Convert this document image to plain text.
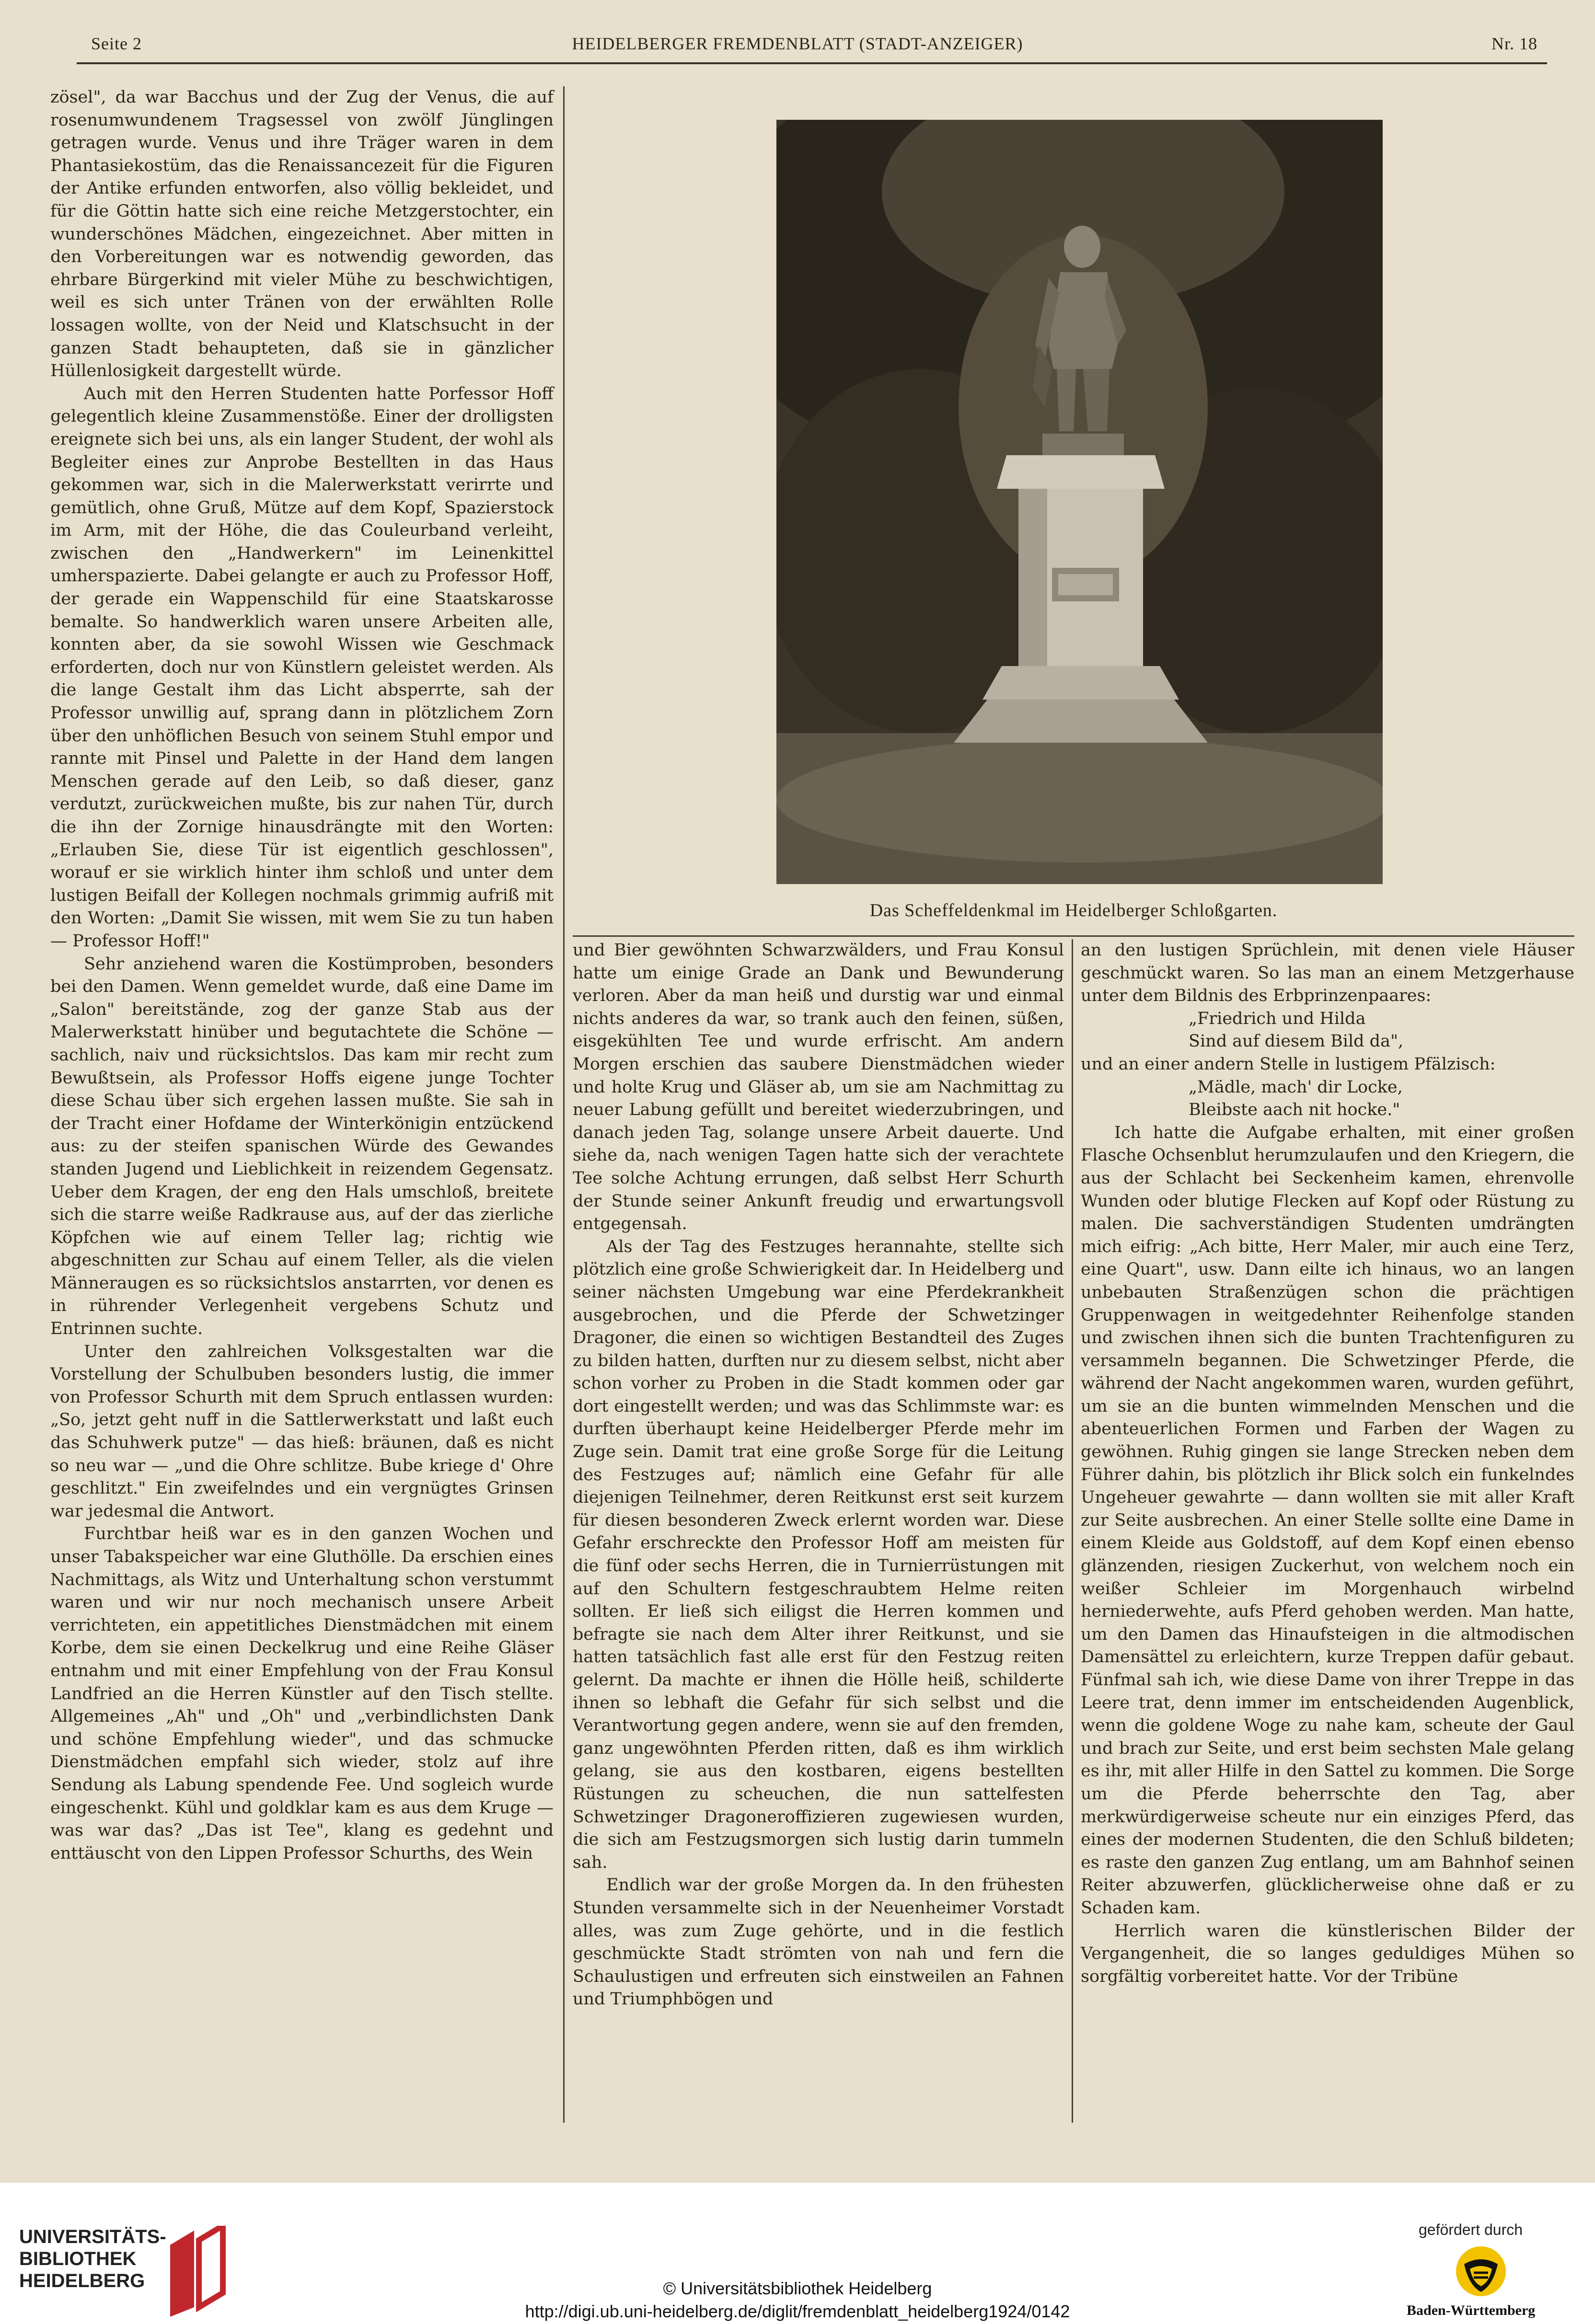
Seite 2	HEIDELBERGER FREMDENBLATT (STADT-ANZEIGER)	Nr. 18

zösel", da war Bacchus und der Zug der Venus, die auf rosenumwundenem Tragsessel von zwölf Jünglingen getragen wurde. Venus und ihre Träger waren in dem Phantasiekostüm, das die Renaissancezeit für die Figuren der Antike erfunden entworfen, also völlig bekleidet, und für die Göttin hatte sich eine reiche Metzgerstochter, ein wunderschönes Mädchen, eingezeichnet. Aber mitten in den Vorbereitungen war es notwendig geworden, das ehrbare Bürgerkind mit vieler Mühe zu beschwichtigen, weil es sich unter Tränen von der erwählten Rolle lossagen wollte, von der Neid und Klatschsucht in der ganzen Stadt behaupteten, daß sie in gänzlicher Hüllenlosigkeit dargestellt würde.

Auch mit den Herren Studenten hatte Porfessor Hoff gelegentlich kleine Zusammenstöße. Einer der drolligsten ereignete sich bei uns, als ein langer Student, der wohl als Begleiter eines zur Anprobe Bestellten in das Haus gekommen war, sich in die Malerwerkstatt verirrte und gemütlich, ohne Gruß, Mütze auf dem Kopf, Spazierstock im Arm, mit der Höhe, die das Couleurband verleiht, zwischen den „Handwerkern" im Leinenkittel umherspazierte. Dabei gelangte er auch zu Professor Hoff, der gerade ein Wappenschild für eine Staatskarosse bemalte. So handwerklich waren unsere Arbeiten alle, konnten aber, da sie sowohl Wissen wie Geschmack erforderten, doch nur von Künstlern geleistet werden. Als die lange Gestalt ihm das Licht absperrte, sah der Professor unwillig auf, sprang dann in plötzlichem Zorn über den unhöflichen Besuch von seinem Stuhl empor und rannte mit Pinsel und Palette in der Hand dem langen Menschen gerade auf den Leib, so daß dieser, ganz verdutzt, zurückweichen mußte, bis zur nahen Tür, durch die ihn der Zornige hinausdrängte mit den Worten: „Erlauben Sie, diese Tür ist eigentlich geschlossen", worauf er sie wirklich hinter ihm schloß und unter dem lustigen Beifall der Kollegen nochmals grimmig aufriß mit den Worten: „Damit Sie wissen, mit wem Sie zu tun haben — Professor Hoff!"

Sehr anziehend waren die Kostümproben, besonders bei den Damen. Wenn gemeldet wurde, daß eine Dame im „Salon" bereitstände, zog der ganze Stab aus der Malerwerkstatt hinüber und begutachtete die Schöne — sachlich, naiv und rücksichtslos. Das kam mir recht zum Bewußtsein, als Professor Hoffs eigene junge Tochter diese Schau über sich ergehen lassen mußte. Sie sah in der Tracht einer Hofdame der Winterkönigin entzückend aus: zu der steifen spanischen Würde des Gewandes standen Jugend und Lieblichkeit in reizendem Gegensatz. Ueber dem Kragen, der eng den Hals umschloß, breitete sich die starre weiße Radkrause aus, auf der das zierliche Köpfchen wie auf einem Teller lag; richtig wie abgeschnitten zur Schau auf einem Teller, als die vielen Männeraugen es so rücksichtslos anstarrten, vor denen es in rührender Verlegenheit vergebens Schutz und Entrinnen suchte.

Unter den zahlreichen Volksgestalten war die Vorstellung der Schulbuben besonders lustig, die immer von Professor Schurth mit dem Spruch entlassen wurden: „So, jetzt geht nuff in die Sattlerwerkstatt und laßt euch das Schuhwerk putze" — das hieß: bräunen, daß es nicht so neu war — „und die Ohre schlitze. Bube kriege d' Ohre geschlitzt." Ein zweifelndes und ein vergnügtes Grinsen war jedesmal die Antwort.

Furchtbar heiß war es in den ganzen Wochen und unser Tabakspeicher war eine Gluthölle. Da erschien eines Nachmittags, als Witz und Unterhaltung schon verstummt waren und wir nur noch mechanisch unsere Arbeit verrichteten, ein appetitliches Dienstmädchen mit einem Korbe, dem sie einen Deckelkrug und eine Reihe Gläser entnahm und mit einer Empfehlung von der Frau Konsul Landfried an die Herren Künstler auf den Tisch stellte. Allgemeines „Ah" und „Oh" und „verbindlichsten Dank und schöne Empfehlung wieder", und das schmucke Dienstmädchen empfahl sich wieder, stolz auf ihre Sendung als Labung spendende Fee. Und sogleich wurde eingeschenkt. Kühl und goldklar kam es aus dem Kruge — was war das? „Das ist Tee", klang es gedehnt und enttäuscht von den Lippen Professor Schurths, des Wein

Das Scheffeldenkmal im Heidelberger Schloßgarten.

und Bier gewöhnten Schwarzwälders, und Frau Konsul hatte um einige Grade an Dank und Bewunderung verloren. Aber da man heiß und durstig war und einmal nichts anderes da war, so trank auch den feinen, süßen, eisgekühlten Tee und wurde erfrischt. Am andern Morgen erschien das saubere Dienstmädchen wieder und holte Krug und Gläser ab, um sie am Nachmittag zu neuer Labung gefüllt und bereitet wiederzubringen, und danach jeden Tag, solange unsere Arbeit dauerte. Und siehe da, nach wenigen Tagen hatte sich der verachtete Tee solche Achtung errungen, daß selbst Herr Schurth der Stunde seiner Ankunft freudig und erwartungsvoll entgegensah.

Als der Tag des Festzuges herannahte, stellte sich plötzlich eine große Schwierigkeit dar. In Heidelberg und seiner nächsten Umgebung war eine Pferdekrankheit ausgebrochen, und die Pferde der Schwetzinger Dragoner, die einen so wichtigen Bestandteil des Zuges zu bilden hatten, durften nur zu diesem selbst, nicht aber schon vorher zu Proben in die Stadt kommen oder gar dort eingestellt werden; und was das Schlimmste war: es durften überhaupt keine Heidelberger Pferde mehr im Zuge sein. Damit trat eine große Sorge für die Leitung des Festzuges auf; nämlich eine Gefahr für alle diejenigen Teilnehmer, deren Reitkunst erst seit kurzem für diesen besonderen Zweck erlernt worden war. Diese Gefahr erschreckte den Professor Hoff am meisten für die fünf oder sechs Herren, die in Turnierrüstungen mit auf den Schultern festgeschraubtem Helme reiten sollten. Er ließ sich eiligst die Herren kommen und befragte sie nach dem Alter ihrer Reitkunst, und sie hatten tatsächlich fast alle erst für den Festzug reiten gelernt. Da machte er ihnen die Hölle heiß, schilderte ihnen so lebhaft die Gefahr für sich selbst und die Verantwortung gegen andere, wenn sie auf den fremden, ganz ungewöhnten Pferden ritten, daß es ihm wirklich gelang, sie aus den kostbaren, eigens bestellten Rüstungen zu scheuchen, die nun sattelfesten Schwetzinger Dragoneroffizieren zugewiesen wurden, die sich am Festzugsmorgen sich lustig darin tummeln sah.

Endlich war der große Morgen da. In den frühesten Stunden versammelte sich in der Neuenheimer Vorstadt alles, was zum Zuge gehörte, und in die festlich geschmückte Stadt strömten von nah und fern die Schaulustigen und erfreuten sich einstweilen an Fahnen und Triumphbögen und

an den lustigen Sprüchlein, mit denen viele Häuser geschmückt waren. So las man an einem Metzgerhause unter dem Bildnis des Erbprinzenpaares:

„Friedrich und Hilda

Sind auf diesem Bild da",

und an einer andern Stelle in lustigem Pfälzisch:

„Mädle, mach' dir Locke,

Bleibste aach nit hocke."

Ich hatte die Aufgabe erhalten, mit einer großen Flasche Ochsenblut herumzulaufen und den Kriegern, die aus der Schlacht bei Seckenheim kamen, ehrenvolle Wunden oder blutige Flecken auf Kopf oder Rüstung zu malen. Die sachverständigen Studenten umdrängten mich eifrig: „Ach bitte, Herr Maler, mir auch eine Terz, eine Quart", usw. Dann eilte ich hinaus, wo an langen unbebauten Straßenzügen schon die prächtigen Gruppenwagen in weitgedehnter Reihenfolge standen und zwischen ihnen sich die bunten Trachtenfiguren zu versammeln begannen. Die Schwetzinger Pferde, die während der Nacht angekommen waren, wurden geführt, um sie an die bunten wimmelnden Menschen und die abenteuerlichen Formen und Farben der Wagen zu gewöhnen. Ruhig gingen sie lange Strecken neben dem Führer dahin, bis plötzlich ihr Blick solch ein funkelndes Ungeheuer gewahrte — dann wollten sie mit aller Kraft zur Seite ausbrechen. An einer Stelle sollte eine Dame in einem Kleide aus Goldstoff, auf dem Kopf einen ebenso glänzenden, riesigen Zuckerhut, von welchem noch ein weißer Schleier im Morgenhauch wirbelnd herniederwehte, aufs Pferd gehoben werden. Man hatte, um den Damen das Hinaufsteigen in die altmodischen Damensättel zu erleichtern, kurze Treppen dafür gebaut. Fünfmal sah ich, wie diese Dame von ihrer Treppe in das Leere trat, denn immer im entscheidenden Augenblick, wenn die goldene Woge zu nahe kam, scheute der Gaul und brach zur Seite, und erst beim sechsten Male gelang es ihr, mit aller Hilfe in den Sattel zu kommen. Die Sorge um die Pferde beherrschte den Tag, aber merkwürdigerweise scheute nur ein einziges Pferd, das eines der modernen Studenten, die den Schluß bildeten; es raste den ganzen Zug entlang, um am Bahnhof seinen Reiter abzuwerfen, glücklicherweise ohne daß er zu Schaden kam.

Herrlich waren die künstlerischen Bilder der Vergangenheit, die so langes geduldiges Mühen so sorgfältig vorbereitet hatte. Vor der Tribüne

UNIVERSITÄTS-
BIBLIOTHEK
HEIDELBERG	© Universitätsbibliothek Heidelberg
http://digi.ub.uni-heidelberg.de/diglit/fremdenblatt_heidelberg1924/0142
gefördert durch
Baden-Württemberg
